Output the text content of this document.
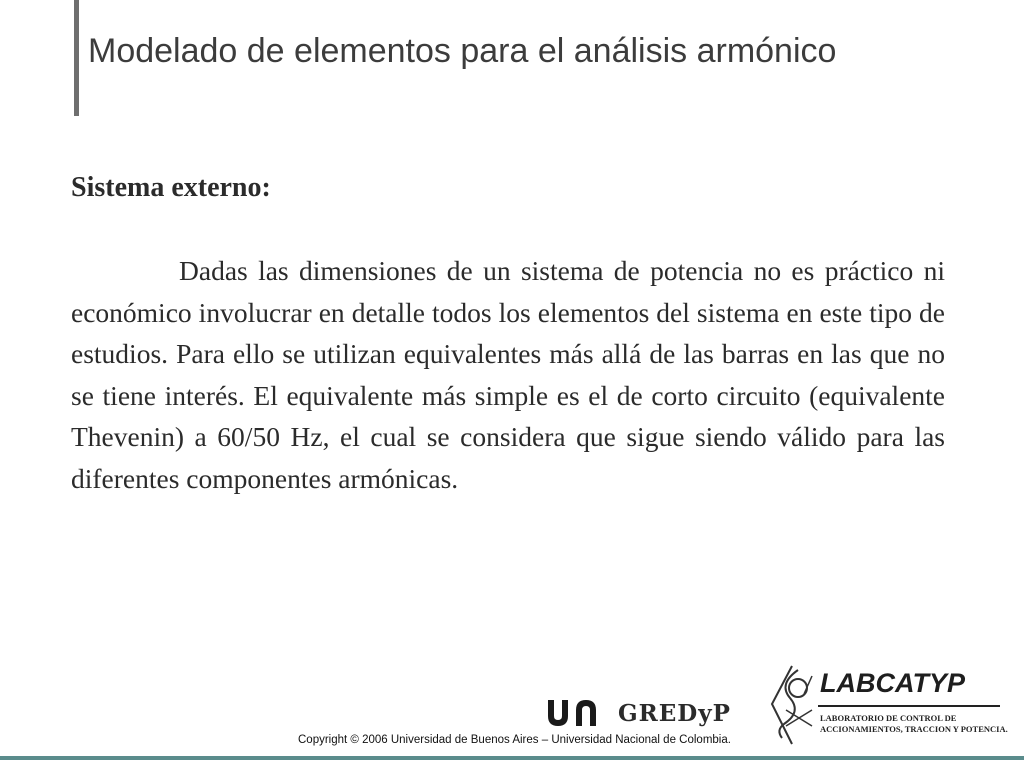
Modelado de elementos para el análisis armónico
Sistema externo:

Dadas las dimensiones de un sistema de potencia no es práctico ni económico involucrar en detalle todos los elementos del sistema en este tipo de estudios. Para ello se utilizan equivalentes más allá de las barras en las que no se tiene interés. El equivalente más simple es el de corto circuito (equivalente Thevenin) a 60/50 Hz, el cual se considera que sigue siendo válido para las diferentes componentes armónicas.

GREDyP
Copyright © 2006 Universidad de Buenos Aires – Universidad Nacional de Colombia.
LABCATYP
LABORATORIO DE CONTROL DE ACCIONAMIENTOS, TRACCION Y POTENCIA.
